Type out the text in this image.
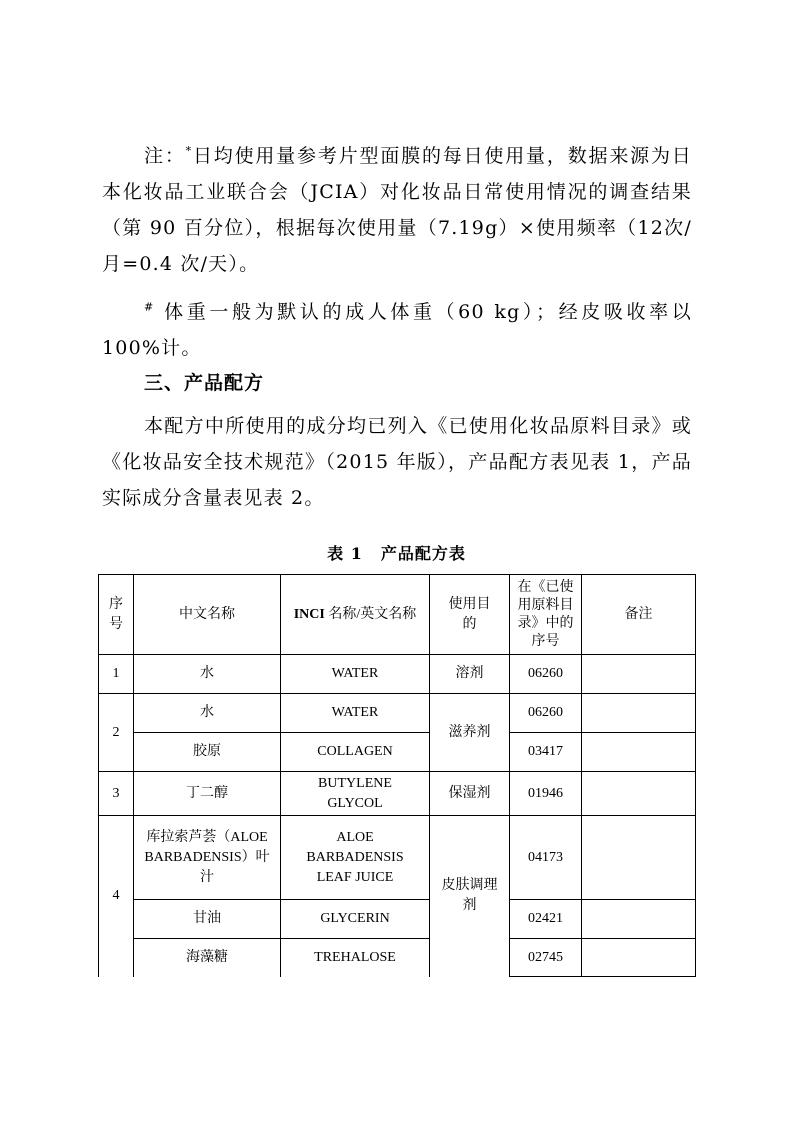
注：*日均使用量参考片型面膜的每日使用量，数据来源为日本化妆品工业联合会（JCIA）对化妆品日常使用情况的调查结果（第 90 百分位），根据每次使用量（7.19g）×使用频率（12次/月=0.4 次/天）。

# 体重一般为默认的成人体重（60 kg）；经皮吸收率以 100%计。

三、产品配方

本配方中所使用的成分均已列入《已使用化妆品原料目录》或《化妆品安全技术规范》（2015 年版），产品配方表见表 1，产品实际成分含量表见表 2。

表 1 产品配方表
序号	中文名称	INCI 名称/英文名称	使用目的	在《已使用原料目录》中的序号	备注
1	水	WATER	溶剂	06260	
2	水	WATER	滋养剂	06260	
	胶原	COLLAGEN		03417	
3	丁二醇	BUTYLENE GLYCOL	保湿剂	01946	
4	库拉索芦荟（ALOE BARBADENSIS）叶汁	ALOE BARBADENSIS LEAF JUICE	皮肤调理剂	04173	
	甘油	GLYCERIN		02421	
	海藻糖	TREHALOSE		02745	
